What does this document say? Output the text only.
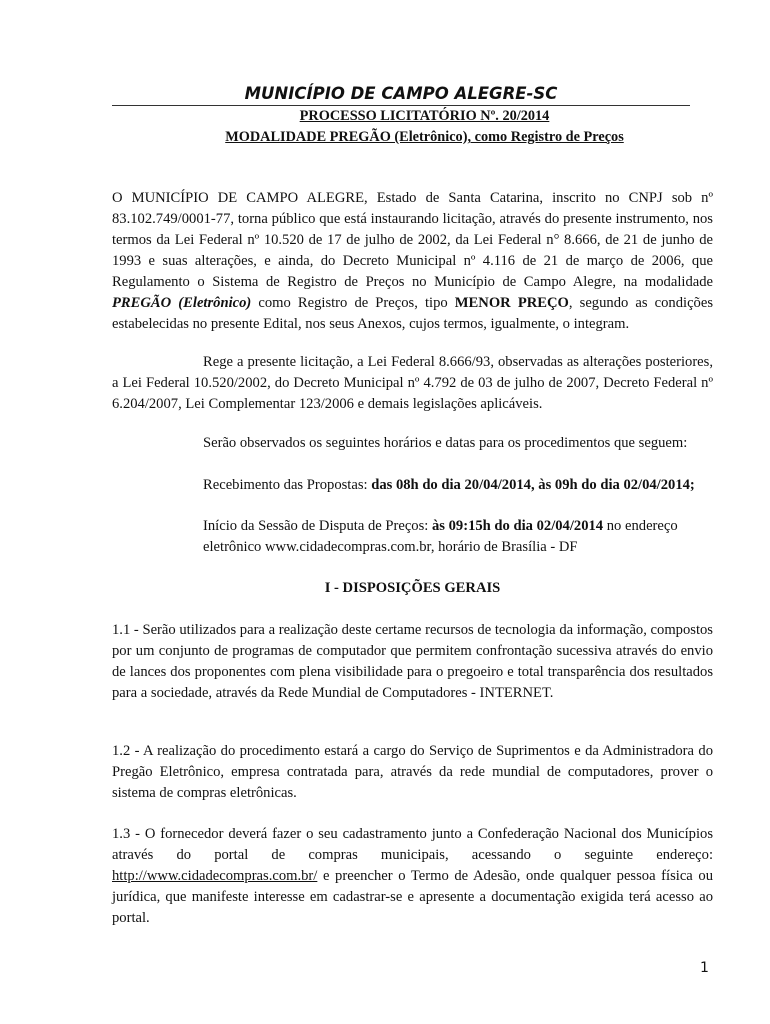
MUNICÍPIO DE CAMPO ALEGRE-SC
PROCESSO LICITATÓRIO Nº. 20/2014
MODALIDADE PREGÃO (Eletrônico), como Registro de Preços

O MUNICÍPIO DE CAMPO ALEGRE, Estado de Santa Catarina, inscrito no CNPJ sob nº 83.102.749/0001-77, torna público que está instaurando licitação, através do presente instrumento, nos termos da Lei Federal nº 10.520 de 17 de julho de 2002, da Lei Federal n° 8.666, de 21 de junho de 1993 e suas alterações, e ainda, do Decreto Municipal nº 4.116 de 21 de março de 2006, que Regulamento o Sistema de Registro de Preços no Município de Campo Alegre, na modalidade PREGÃO (Eletrônico) como Registro de Preços, tipo MENOR PREÇO, segundo as condições estabelecidas no presente Edital, nos seus Anexos, cujos termos, igualmente, o integram.

Rege a presente licitação, a Lei Federal 8.666/93, observadas as alterações posteriores, a Lei Federal 10.520/2002, do Decreto Municipal nº 4.792 de 03 de julho de 2007, Decreto Federal nº 6.204/2007, Lei Complementar 123/2006 e demais legislações aplicáveis.

Serão observados os seguintes horários e datas para os procedimentos que seguem:

Recebimento das Propostas: das 08h do dia 20/04/2014, às 09h do dia 02/04/2014;

Início da Sessão de Disputa de Preços: às 09:15h do dia 02/04/2014 no endereço

eletrônico www.cidadecompras.com.br, horário de Brasília - DF

I - DISPOSIÇÕES GERAIS

1.1 - Serão utilizados para a realização deste certame recursos de tecnologia da informação, compostos por um conjunto de programas de computador que permitem confrontação sucessiva através do envio de lances dos proponentes com plena visibilidade para o pregoeiro e total transparência dos resultados para a sociedade, através da Rede Mundial de Computadores - INTERNET.

1.2 - A realização do procedimento estará a cargo do Serviço de Suprimentos e da Administradora do Pregão Eletrônico, empresa contratada para, através da rede mundial de computadores, prover o sistema de compras eletrônicas.

1.3 - O fornecedor deverá fazer o seu cadastramento junto a Confederação Nacional dos Municípios através do portal de compras municipais, acessando o seguinte endereço:

http://www.cidadecompras.com.br/ e preencher o Termo de Adesão, onde qualquer pessoa física ou jurídica, que manifeste interesse em cadastrar-se e apresente a documentação exigida terá acesso ao portal.

1
